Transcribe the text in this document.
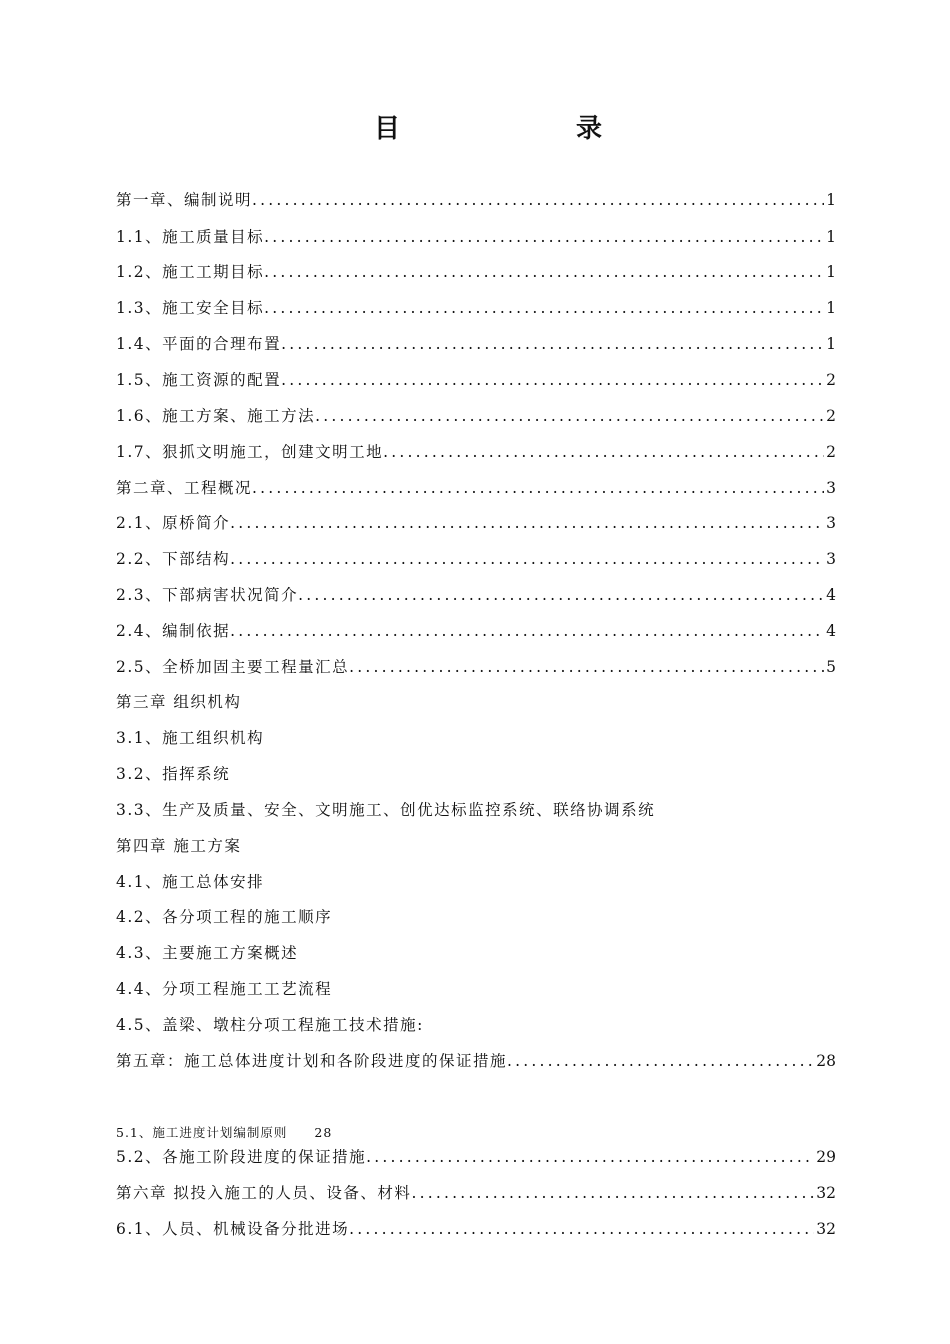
目	录
第一章、编制说明 .....	1
1.1、施工质量目标 .....	1
1.2、施工工期目标 .....	1
1.3、施工安全目标 .....	1
1.4、平面的合理布置 .....	1
1.5、施工资源的配置 .....	2
1.6、施工方案、施工方法 .....	2
1.7、狠抓文明施工，创建文明工地 .....	2
第二章、工程概况 .....	3
2.1、原桥简介 .....	3
2.2、下部结构 .....	3
2.3、下部病害状况简介 .....	4
2.4、编制依据 .....	4
2.5、全桥加固主要工程量汇总 .....	5
第三章 组织机构
3.1、施工组织机构
3.2、指挥系统
3.3、生产及质量、安全、文明施工、创优达标监控系统、联络协调系统
第四章 施工方案
4.1、施工总体安排
4.2、各分项工程的施工顺序
4.3、主要施工方案概述
4.4、分项工程施工工艺流程
4.5、盖梁、墩柱分项工程施工技术措施:
第五章：施工总体进度计划和各阶段进度的保证措施 .....	28
5.1、施工进度计划编制原则 28
5.2、各施工阶段进度的保证措施 .....	29
第六章 拟投入施工的人员、设备、材料 .....	32
6.1、人员、机械设备分批进场 .....	32
